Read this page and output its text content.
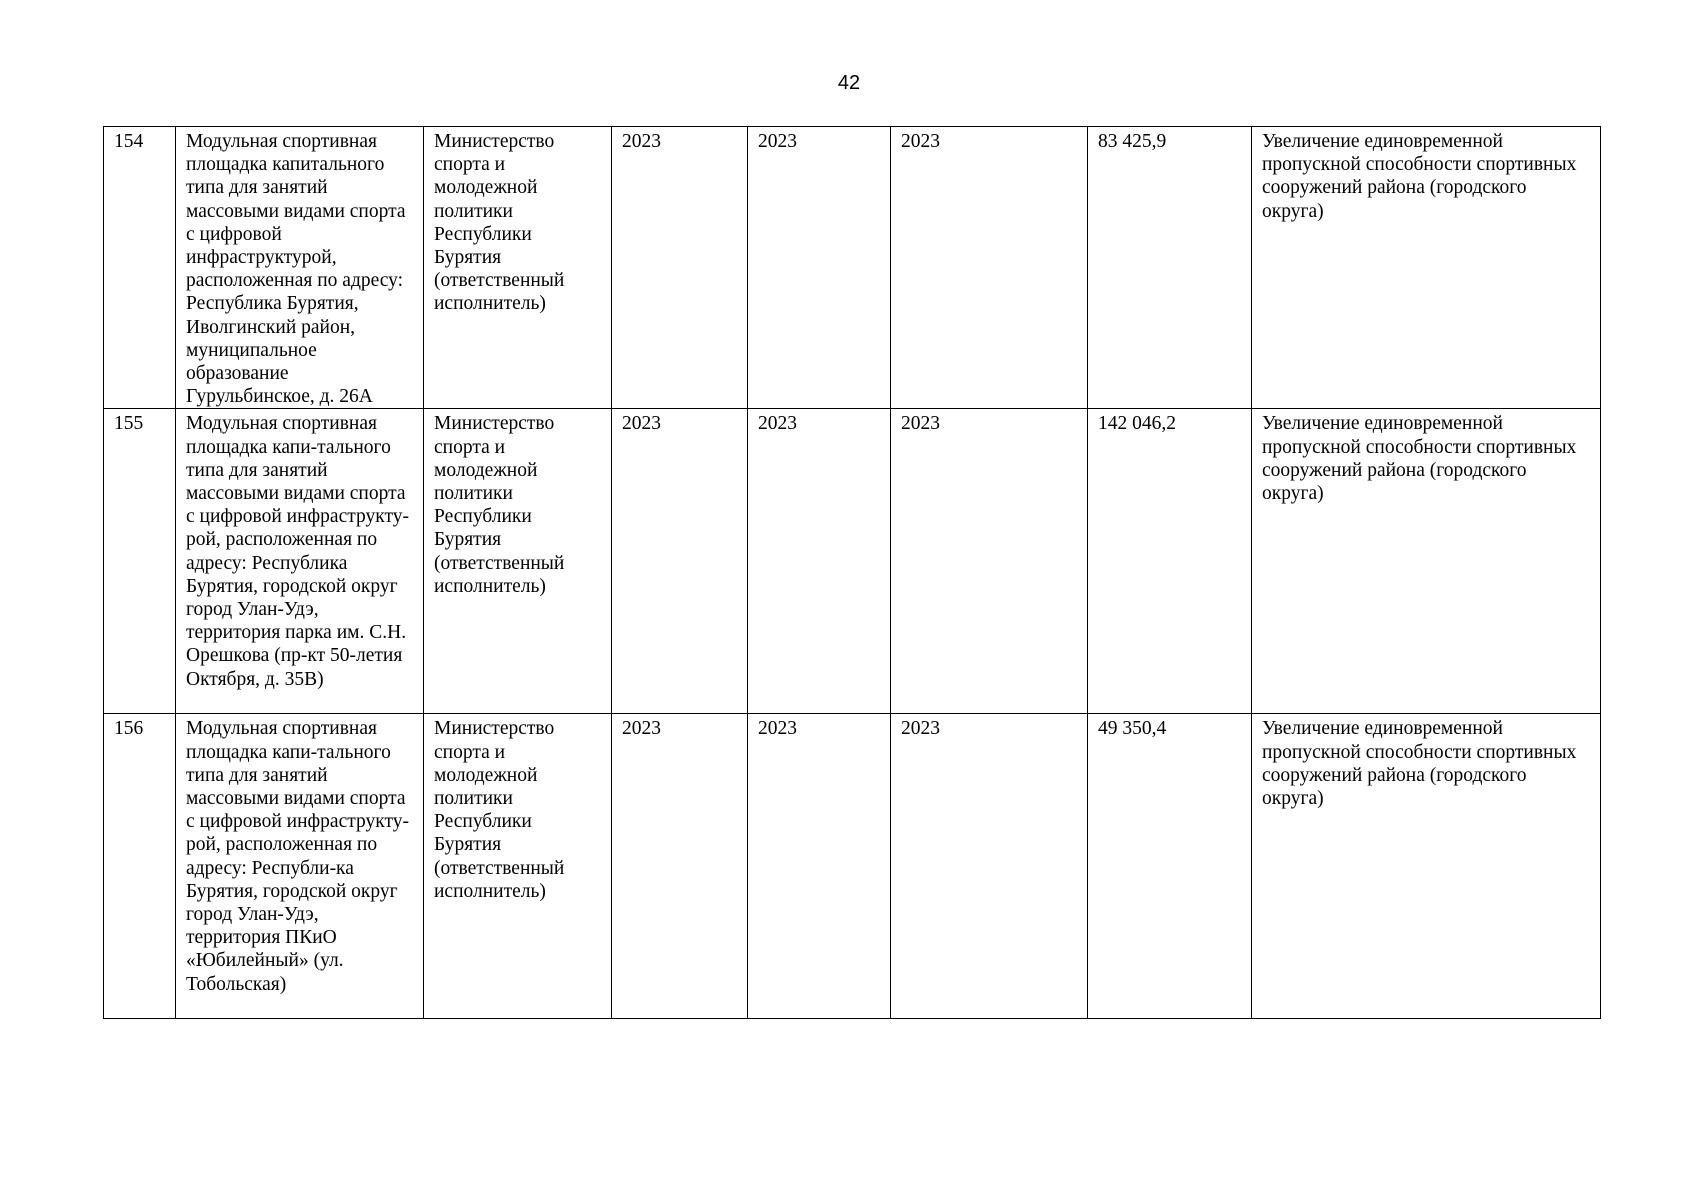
42
154	Модульная спортивная площадка капитального типа для занятий массовыми видами спорта с цифровой инфраструктурой, расположенная по адресу: Республика Бурятия, Иволгинский район, муниципальное образование Гурульбинское, д. 26А	Министерство спорта и молодежной политики Республики Бурятия (ответственный исполнитель)	2023	2023	2023	83 425,9	Увеличение единовременной пропускной способности спортивных сооружений района (городского округа)
155	Модульная спортивная площадка капи-тального типа для занятий массовыми видами спорта с цифровой инфраструкту-рой, расположенная по адресу: Республика Бурятия, городской округ город Улан-Удэ, территория парка им. С.Н. Орешкова (пр-кт 50-летия Октября, д. 35В)	Министерство спорта и молодежной политики Республики Бурятия (ответственный исполнитель)	2023	2023	2023	142 046,2	Увеличение единовременной пропускной способности спортивных сооружений района (городского округа)
156	Модульная спортивная площадка капи-тального типа для занятий массовыми видами спорта с цифровой инфраструкту-рой, расположенная по адресу: Республи-ка Бурятия, городской округ город Улан-Удэ, территория ПКиО «Юбилейный» (ул. Тобольская)	Министерство спорта и молодежной политики Республики Бурятия (ответственный исполнитель)	2023	2023	2023	49 350,4	Увеличение единовременной пропускной способности спортивных сооружений района (городского округа)
